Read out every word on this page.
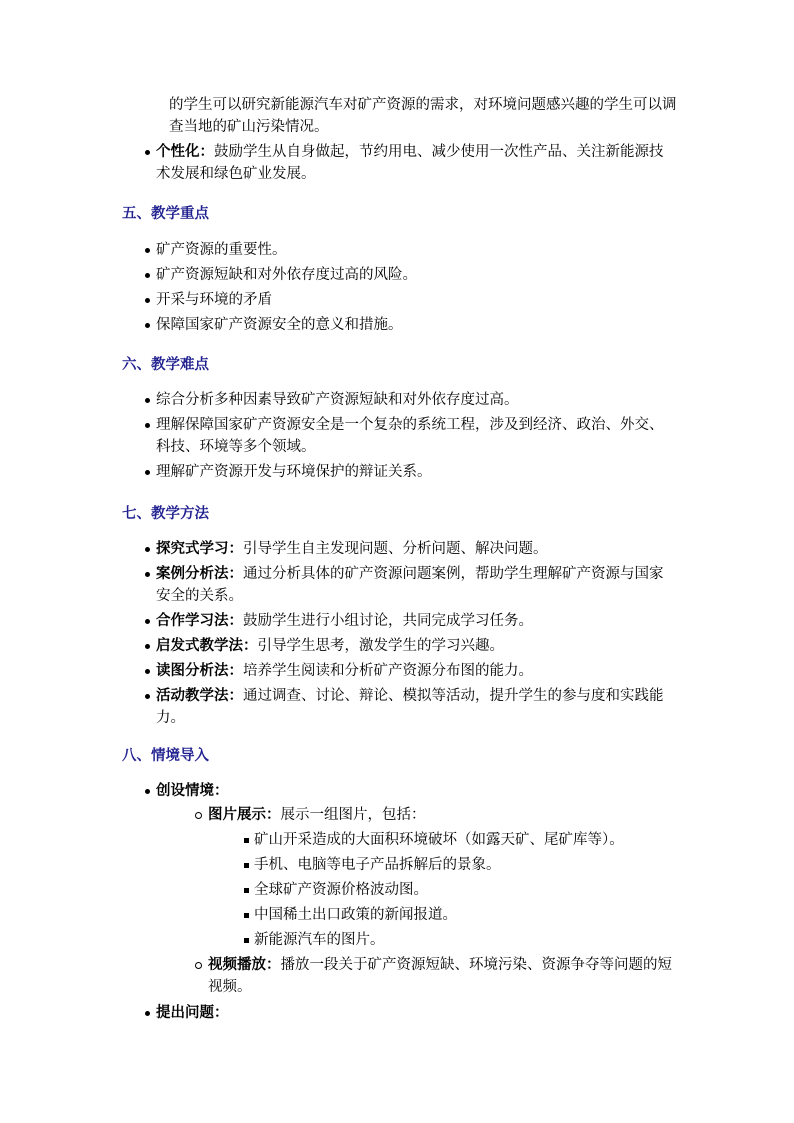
的学生可以研究新能源汽车对矿产资源的需求，对环境问题感兴趣的学生可以调查当地的矿山污染情况。
个性化：鼓励学生从自身做起，节约用电、减少使用一次性产品、关注新能源技术发展和绿色矿业发展。
五、教学重点
矿产资源的重要性。
矿产资源短缺和对外依存度过高的风险。
开采与环境的矛盾
保障国家矿产资源安全的意义和措施。
六、教学难点
综合分析多种因素导致矿产资源短缺和对外依存度过高。
理解保障国家矿产资源安全是一个复杂的系统工程，涉及到经济、政治、外交、科技、环境等多个领域。
理解矿产资源开发与环境保护的辩证关系。
七、教学方法
探究式学习：引导学生自主发现问题、分析问题、解决问题。
案例分析法：通过分析具体的矿产资源问题案例，帮助学生理解矿产资源与国家安全的关系。
合作学习法：鼓励学生进行小组讨论，共同完成学习任务。
启发式教学法：引导学生思考，激发学生的学习兴趣。
读图分析法：培养学生阅读和分析矿产资源分布图的能力。
活动教学法：通过调查、讨论、辩论、模拟等活动，提升学生的参与度和实践能力。
八、情境导入
创设情境：
图片展示：展示一组图片，包括：
矿山开采造成的大面积环境破坏（如露天矿、尾矿库等）。
手机、电脑等电子产品拆解后的景象。
全球矿产资源价格波动图。
中国稀土出口政策的新闻报道。
新能源汽车的图片。
视频播放：播放一段关于矿产资源短缺、环境污染、资源争夺等问题的短视频。
提出问题：
